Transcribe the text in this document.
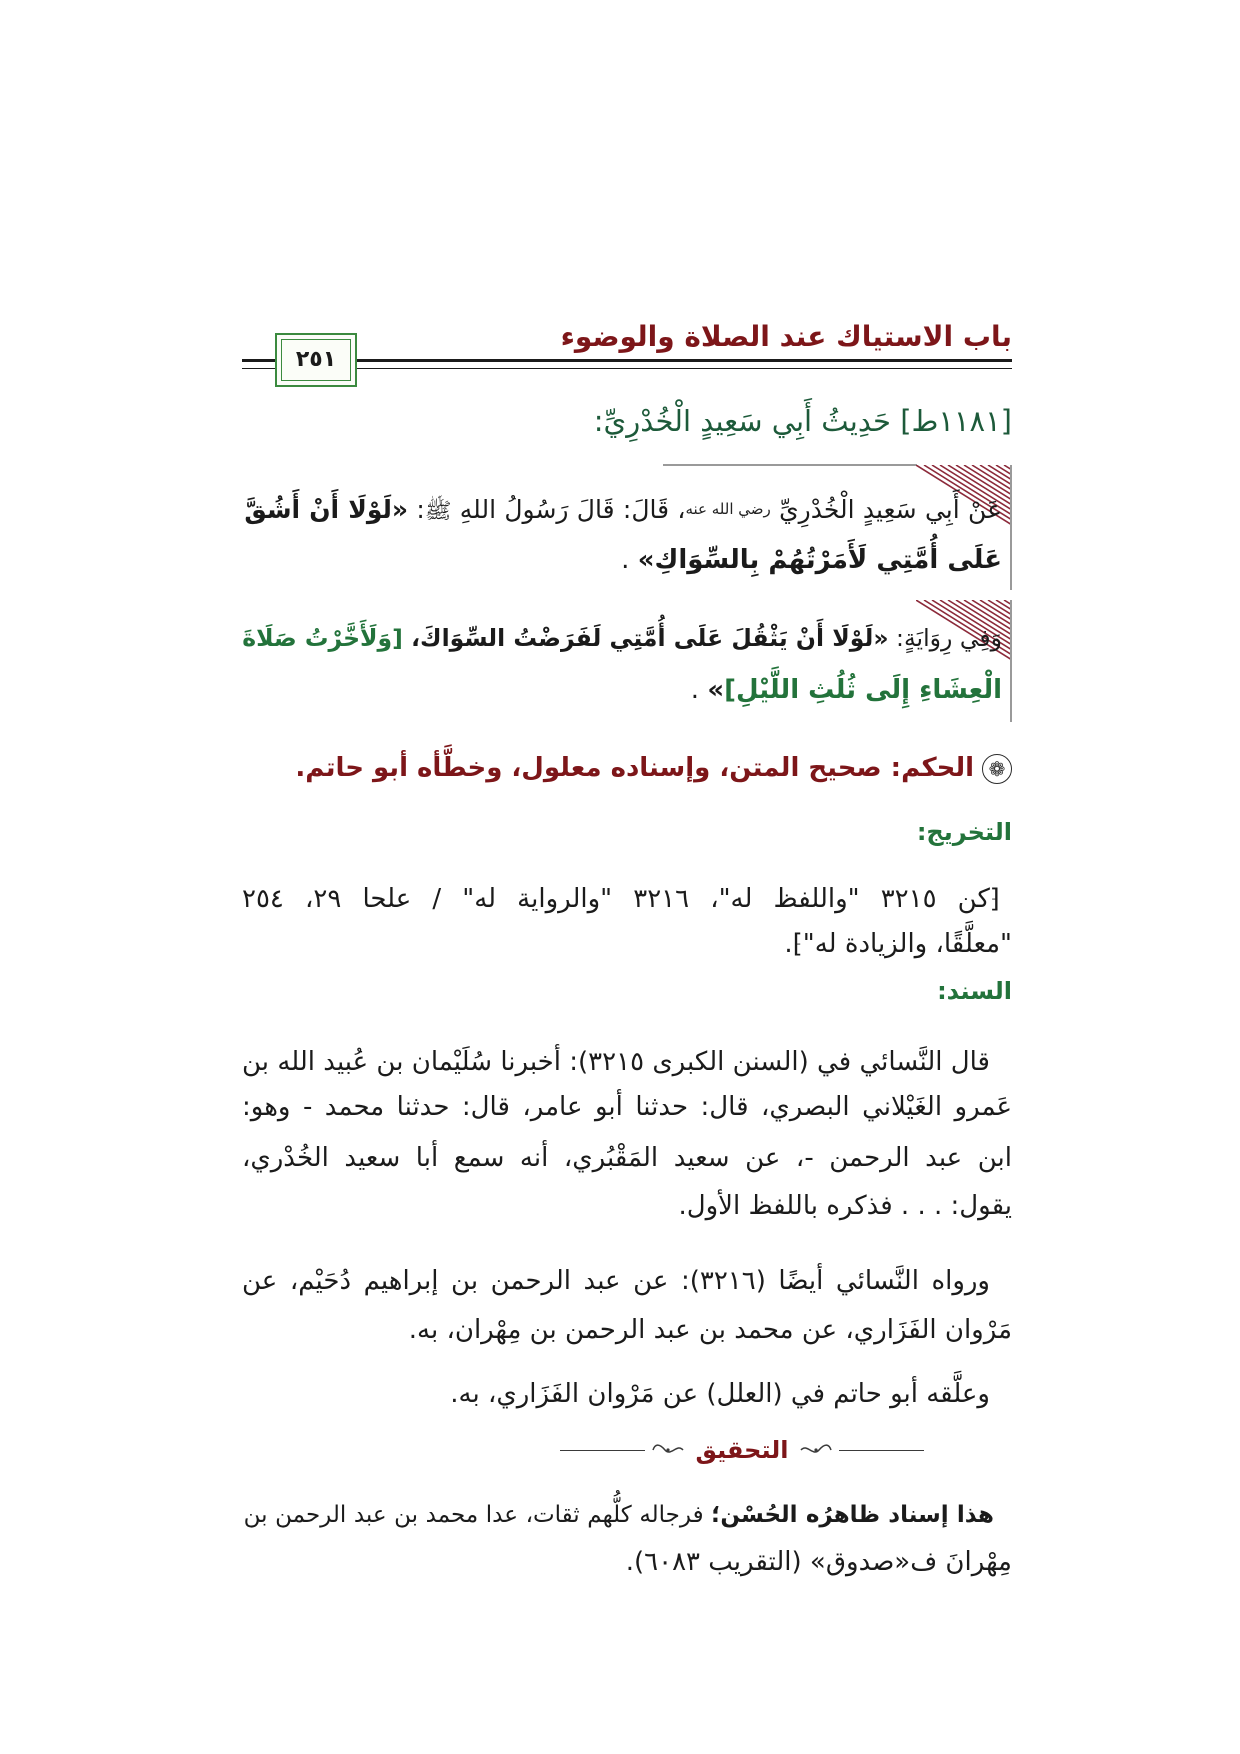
باب الاستياك عند الصلاة والوضوء
٢٥١
[١١٨١ط] حَدِيثُ أَبِي سَعِيدٍ الْخُدْرِيِّ:
عَنْ أَبِي سَعِيدٍ الْخُدْرِيِّ رضي الله عنه، قَالَ: قَالَ رَسُولُ اللهِ ﷺ: «لَوْلَا أَنْ أَشُقَّ
عَلَى أُمَّتِي لَأَمَرْتُهُمْ بِالسِّوَاكِ» .
وَفِي رِوَايَةٍ: «لَوْلَا أَنْ يَثْقُلَ عَلَى أُمَّتِي لَفَرَضْتُ السِّوَاكَ، [وَلَأَخَّرْتُ صَلَاةَ
الْعِشَاءِ إِلَى ثُلُثِ اللَّيْلِ]» .
❁الحكم: صحيح المتن، وإسناده معلول، وخطَّأه أبو حاتم.
التخريج:
⁅كن ٣٢١٥ "واللفظ له"، ٣٢١٦ "والرواية له" / علحا ٢٩، ٢٥٤
"معلَّقًا، والزيادة له"⁆.
السند:
قال النَّسائي في (السنن الكبرى ٣٢١٥): أخبرنا سُلَيْمان بن عُبيد الله بن
عَمرو الغَيْلاني البصري، قال: حدثنا أبو عامر، قال: حدثنا محمد - وهو:
ابن عبد الرحمن -، عن سعيد المَقْبُري، أنه سمع أبا سعيد الخُدْري،
يقول: . . . فذكره باللفظ الأول.
ورواه النَّسائي أيضًا (٣٢١٦): عن عبد الرحمن بن إبراهيم دُحَيْم، عن
مَرْوان الفَزَاري، عن محمد بن عبد الرحمن بن مِهْران، به.
وعلَّقه أبو حاتم في (العلل) عن مَرْوان الفَزَاري، به.
التحقيق
هذا إسناد ظاهرُه الحُسْن؛ فرجاله كلُّهم ثقات، عدا محمد بن عبد الرحمن بن
مِهْرانَ ف«صدوق» (التقريب ٦٠٨٣).
